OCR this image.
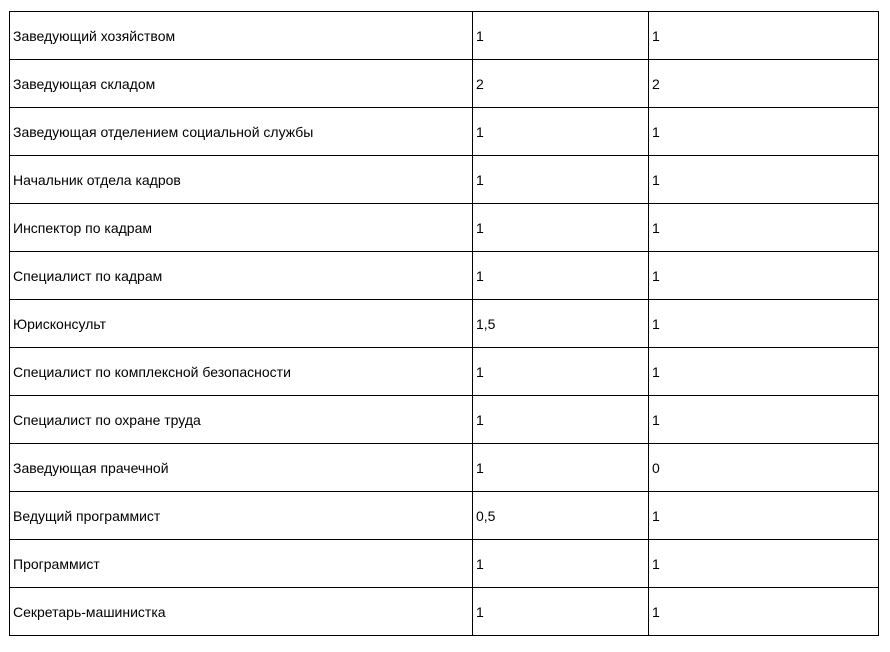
Заведующий хозяйством	1	1
Заведующая складом	2	2
Заведующая отделением социальной службы	1	1
Начальник отдела кадров	1	1
Инспектор по кадрам	1	1
Специалист по кадрам	1	1
Юрисконсульт	1,5	1
Специалист по комплексной безопасности	1	1
Специалист по охране труда	1	1
Заведующая прачечной	1	0
Ведущий программист	0,5	1
Программист	1	1
Секретарь-машинистка	1	1
